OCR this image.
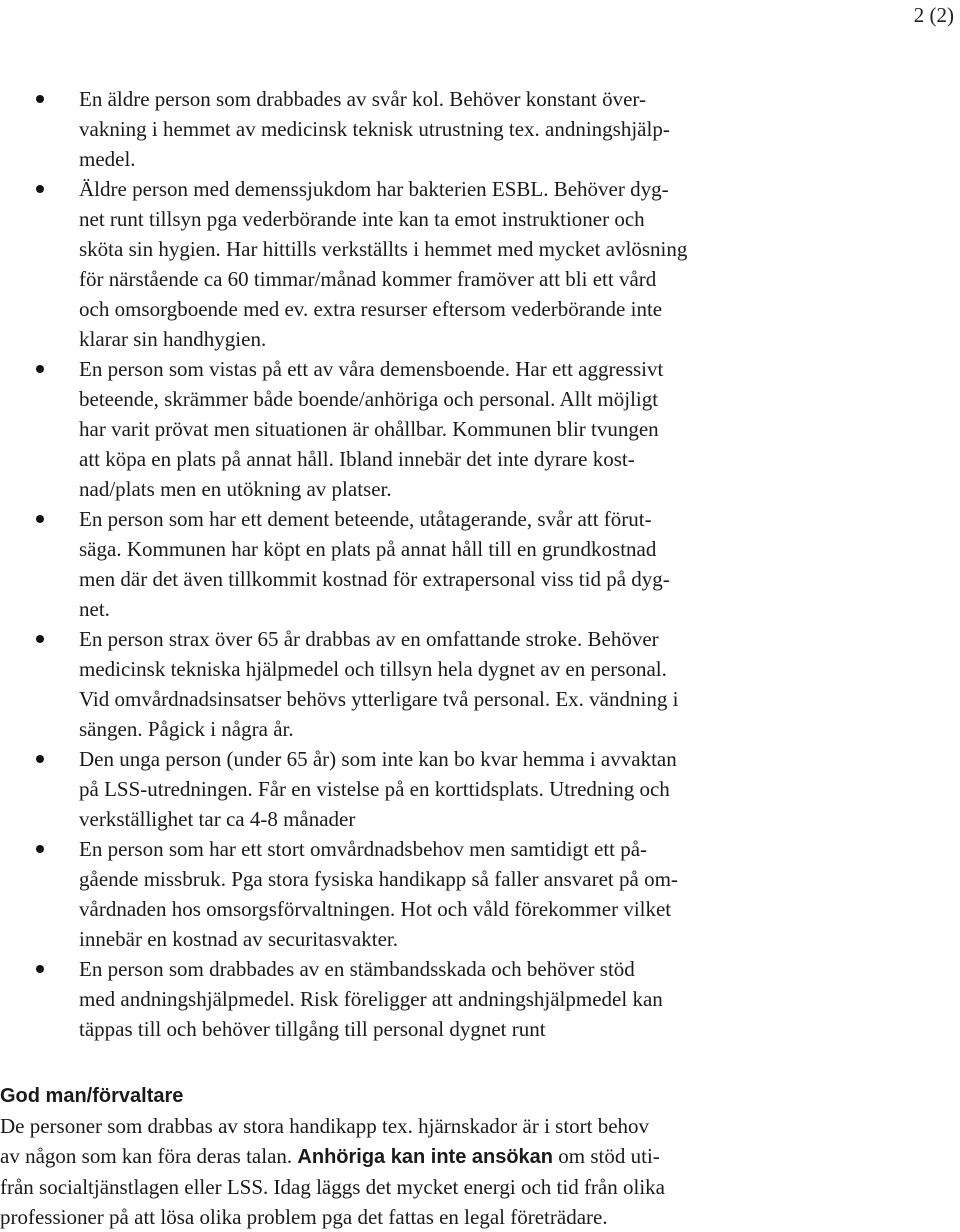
2 (2)
En äldre person som drabbades av svår kol. Behöver konstant över-
vakning i hemmet av medicinsk teknisk utrustning tex. andningshjälp-
medel.
Äldre person med demenssjukdom har bakterien ESBL. Behöver dyg-
net runt tillsyn pga vederbörande inte kan ta emot instruktioner och
sköta sin hygien. Har hittills verkställts i hemmet med mycket avlösning
för närstående ca 60 timmar/månad kommer framöver att bli ett vård
och omsorgboende med ev. extra resurser eftersom vederbörande inte
klarar sin handhygien.
En person som vistas på ett av våra demensboende. Har ett aggressivt
beteende, skrämmer både boende/anhöriga och personal. Allt möjligt
har varit prövat men situationen är ohållbar. Kommunen blir tvungen
att köpa en plats på annat håll. Ibland innebär det inte dyrare kost-
nad/plats men en utökning av platser.
En person som har ett dement beteende, utåtagerande, svår att förut-
säga. Kommunen har köpt en plats på annat håll till en grundkostnad
men där det även tillkommit kostnad för extrapersonal viss tid på dyg-
net.
En person strax över 65 år drabbas av en omfattande stroke. Behöver
medicinsk tekniska hjälpmedel och tillsyn hela dygnet av en personal.
Vid omvårdnadsinsatser behövs ytterligare två personal. Ex. vändning i
sängen. Pågick i några år.
Den unga person (under 65 år) som inte kan bo kvar hemma i avvaktan
på LSS-utredningen. Får en vistelse på en korttidsplats. Utredning och
verkställighet tar ca 4-8 månader
En person som har ett stort omvårdnadsbehov men samtidigt ett på-
gående missbruk. Pga stora fysiska handikapp så faller ansvaret på om-
vårdnaden hos omsorgsförvaltningen. Hot och våld förekommer vilket
innebär en kostnad av securitasvakter.
En person som drabbades av en stämbandsskada och behöver stöd
med andningshjälpmedel. Risk föreligger att andningshjälpmedel kan
täppas till och behöver tillgång till personal dygnet runt
God man/förvaltare
De personer som drabbas av stora handikapp tex. hjärnskador är i stort behov
av någon som kan föra deras talan. Anhöriga kan inte ansökan om stöd uti-
från socialtjänstlagen eller LSS. Idag läggs det mycket energi och tid från olika
professioner på att lösa olika problem pga det fattas en legal företrädare.
